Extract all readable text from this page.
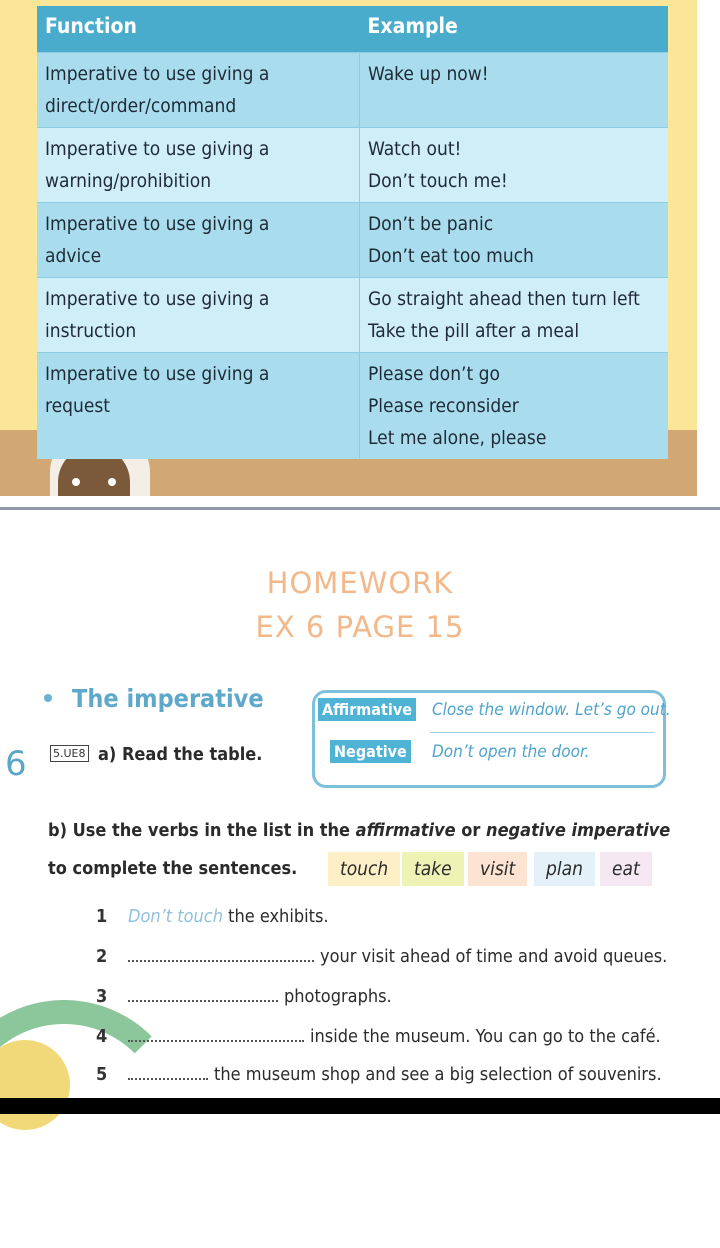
Function	Example
Imperative to use giving a
direct/order/command	Wake up now!
Imperative to use giving a
warning/prohibition	Watch out!
Don’t touch me!
Imperative to use giving a
advice	Don’t be panic
Don’t eat too much
Imperative to use giving a
instruction	Go straight ahead then turn left
Take the pill after a meal
Imperative to use giving a
request	Please don’t go
Please reconsider
Let me alone, please
HOMEWORK
EX 6 PAGE 15
The imperative	Affirmative Close the window. Let’s go out.
Negative Don’t open the door.
6 5.UE8 a) Read the table.
b) Use the verbs in the list in the affirmative or negative imperative
to complete the sentences.	touch	take	visit	plan	eat
1 Don’t touch the exhibits.
2	your visit ahead of time and avoid queues.
3	photographs.
4	inside the museum. You can go to the café.
5	the museum shop and see a big selection of souvenirs.
